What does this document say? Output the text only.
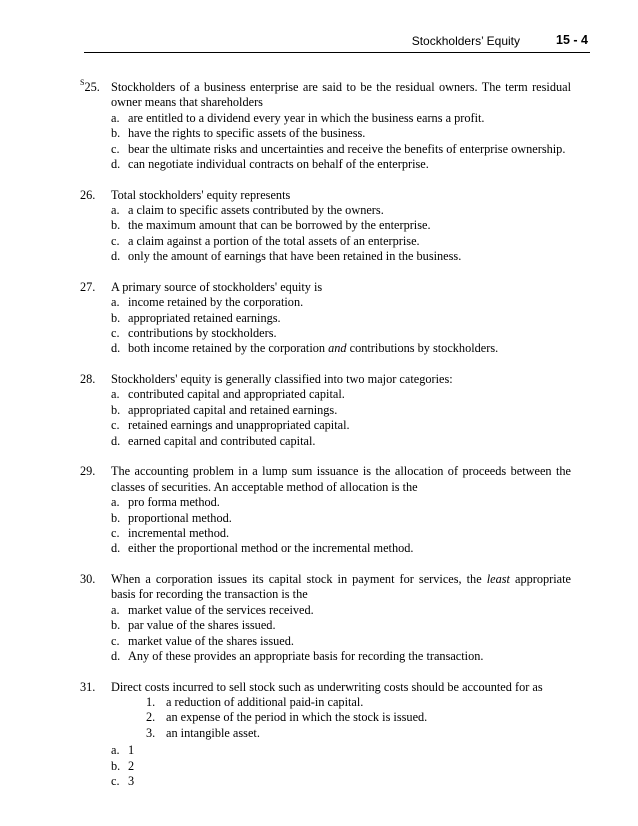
Stockholders’ Equity	15 - 4
$^S$25. Stockholders of a business enterprise are said to be the residual owners. The term residual owner means that shareholders
a. are entitled to a dividend every year in which the business earns a profit.
b. have the rights to specific assets of the business.
c. bear the ultimate risks and uncertainties and receive the benefits of enterprise ownership.
d. can negotiate individual contracts on behalf of the enterprise.
26. Total stockholders' equity represents
a. a claim to specific assets contributed by the owners.
b. the maximum amount that can be borrowed by the enterprise.
c. a claim against a portion of the total assets of an enterprise.
d. only the amount of earnings that have been retained in the business.
27. A primary source of stockholders' equity is
a. income retained by the corporation.
b. appropriated retained earnings.
c. contributions by stockholders.
d. both income retained by the corporation and contributions by stockholders.
28. Stockholders' equity is generally classified into two major categories:
a. contributed capital and appropriated capital.
b. appropriated capital and retained earnings.
c. retained earnings and unappropriated capital.
d. earned capital and contributed capital.
29. The accounting problem in a lump sum issuance is the allocation of proceeds between the classes of securities. An acceptable method of allocation is the
a. pro forma method.
b. proportional method.
c. incremental method.
d. either the proportional method or the incremental method.
30. When a corporation issues its capital stock in payment for services, the least appropriate basis for recording the transaction is the
a. market value of the services received.
b. par value of the shares issued.
c. market value of the shares issued.
d. Any of these provides an appropriate basis for recording the transaction.
31. Direct costs incurred to sell stock such as underwriting costs should be accounted for as
1. a reduction of additional paid-in capital.
2. an expense of the period in which the stock is issued.
3. an intangible asset.
a. 1
b. 2
c. 3
